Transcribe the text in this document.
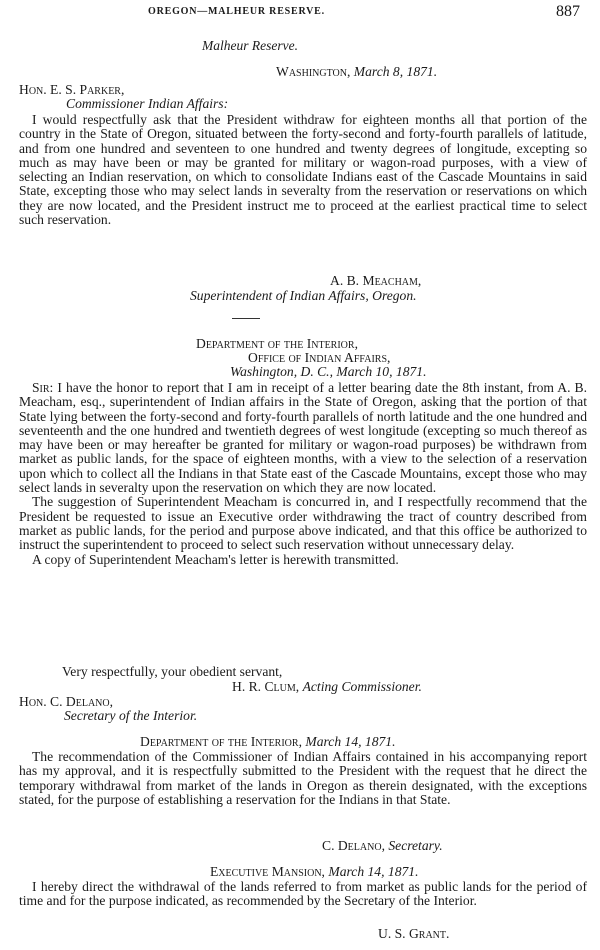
OREGON—MALHEUR RESERVE.	887
Malheur Reserve.
Washington, March 8, 1871.
Hon. E. S. Parker,
Commissioner Indian Affairs:

I would respectfully ask that the President withdraw for eighteen months all that portion of the country in the State of Oregon, situated between the forty-second and forty-fourth parallels of latitude, and from one hundred and seventeen to one hundred and twenty degrees of longitude, excepting so much as may have been or may be granted for military or wagon-road purposes, with a view of selecting an Indian reservation, on which to consolidate Indians east of the Cascade Mountains in said State, excepting those who may select lands in severalty from the reservation or reservations on which they are now located, and the President instruct me to proceed at the earliest practical time to select such reservation.

A. B. Meacham,
Superintendent of Indian Affairs, Oregon.
Department of the Interior,
Office of Indian Affairs,
Washington, D. C., March 10, 1871.

Sir: I have the honor to report that I am in receipt of a letter bearing date the 8th instant, from A. B. Meacham, esq., superintendent of Indian affairs in the State of Oregon, asking that the portion of that State lying between the forty-second and forty-fourth parallels of north latitude and the one hundred and seventeenth and the one hundred and twentieth degrees of west longitude (excepting so much thereof as may have been or may hereafter be granted for military or wagon-road purposes) be withdrawn from market as public lands, for the space of eighteen months, with a view to the selection of a reservation upon which to collect all the Indians in that State east of the Cascade Mountains, except those who may select lands in severalty upon the reservation on which they are now located.

The suggestion of Superintendent Meacham is concurred in, and I respectfully recommend that the President be requested to issue an Executive order withdrawing the tract of country described from market as public lands, for the period and purpose above indicated, and that this office be authorized to instruct the superintendent to proceed to select such reservation without unnecessary delay.

A copy of Superintendent Meacham's letter is herewith transmitted.

Very respectfully, your obedient servant,
H. R. Clum, Acting Commissioner.
Hon. C. Delano,
Secretary of the Interior.
Department of the Interior, March 14, 1871.

The recommendation of the Commissioner of Indian Affairs contained in his accompanying report has my approval, and it is respectfully submitted to the President with the request that he direct the temporary withdrawal from market of the lands in Oregon as therein designated, with the exceptions stated, for the purpose of establishing a reservation for the Indians in that State.

C. Delano, Secretary.
Executive Mansion, March 14, 1871.

I hereby direct the withdrawal of the lands referred to from market as public lands for the period of time and for the purpose indicated, as recommended by the Secretary of the Interior.

U. S. Grant.
